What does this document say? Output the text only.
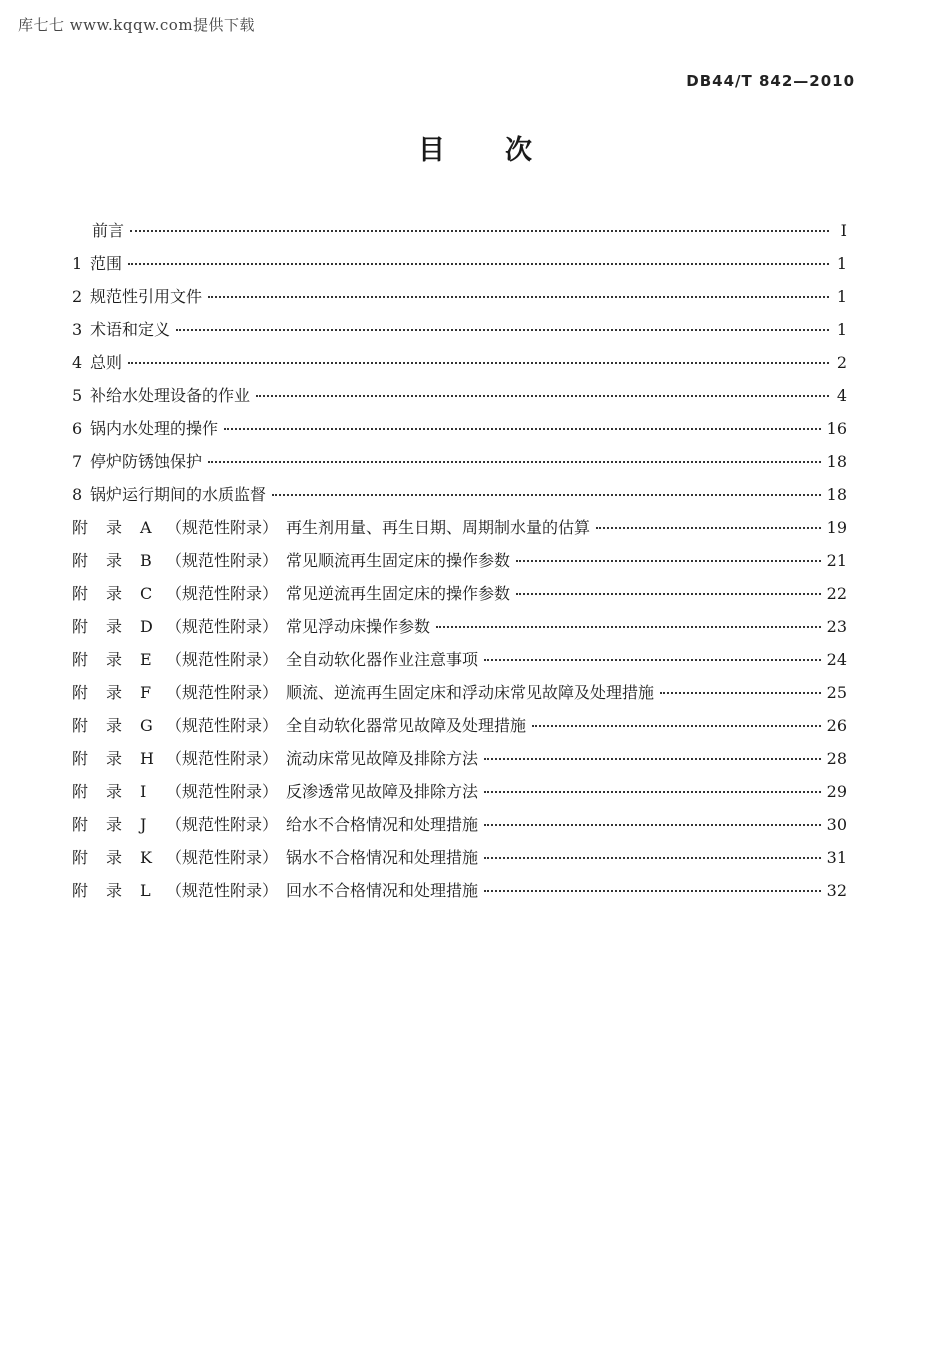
库七七 www.kqqw.com提供下载
DB44/T 842—2010
目次
前言	I
1 范围	1
2 规范性引用文件	1
3 术语和定义	1
4 总则	2
5 补给水处理设备的作业	4
6 锅内水处理的操作	16
7 停炉防锈蚀保护	18
8 锅炉运行期间的水质监督	18
附录 A （规范性附录） 再生剂用量、再生日期、周期制水量的估算	19
附录 B （规范性附录） 常见顺流再生固定床的操作参数	21
附录 C （规范性附录） 常见逆流再生固定床的操作参数	22
附录 D （规范性附录） 常见浮动床操作参数	23
附录 E （规范性附录） 全自动软化器作业注意事项	24
附录 F （规范性附录） 顺流、逆流再生固定床和浮动床常见故障及处理措施	25
附录 G （规范性附录） 全自动软化器常见故障及处理措施	26
附录 H （规范性附录） 流动床常见故障及排除方法	28
附录 I	（规范性附录） 反渗透常见故障及排除方法	29
附录 J	（规范性附录） 给水不合格情况和处理措施	30
附录 K （规范性附录） 锅水不合格情况和处理措施	31
附录 L （规范性附录） 回水不合格情况和处理措施	32
